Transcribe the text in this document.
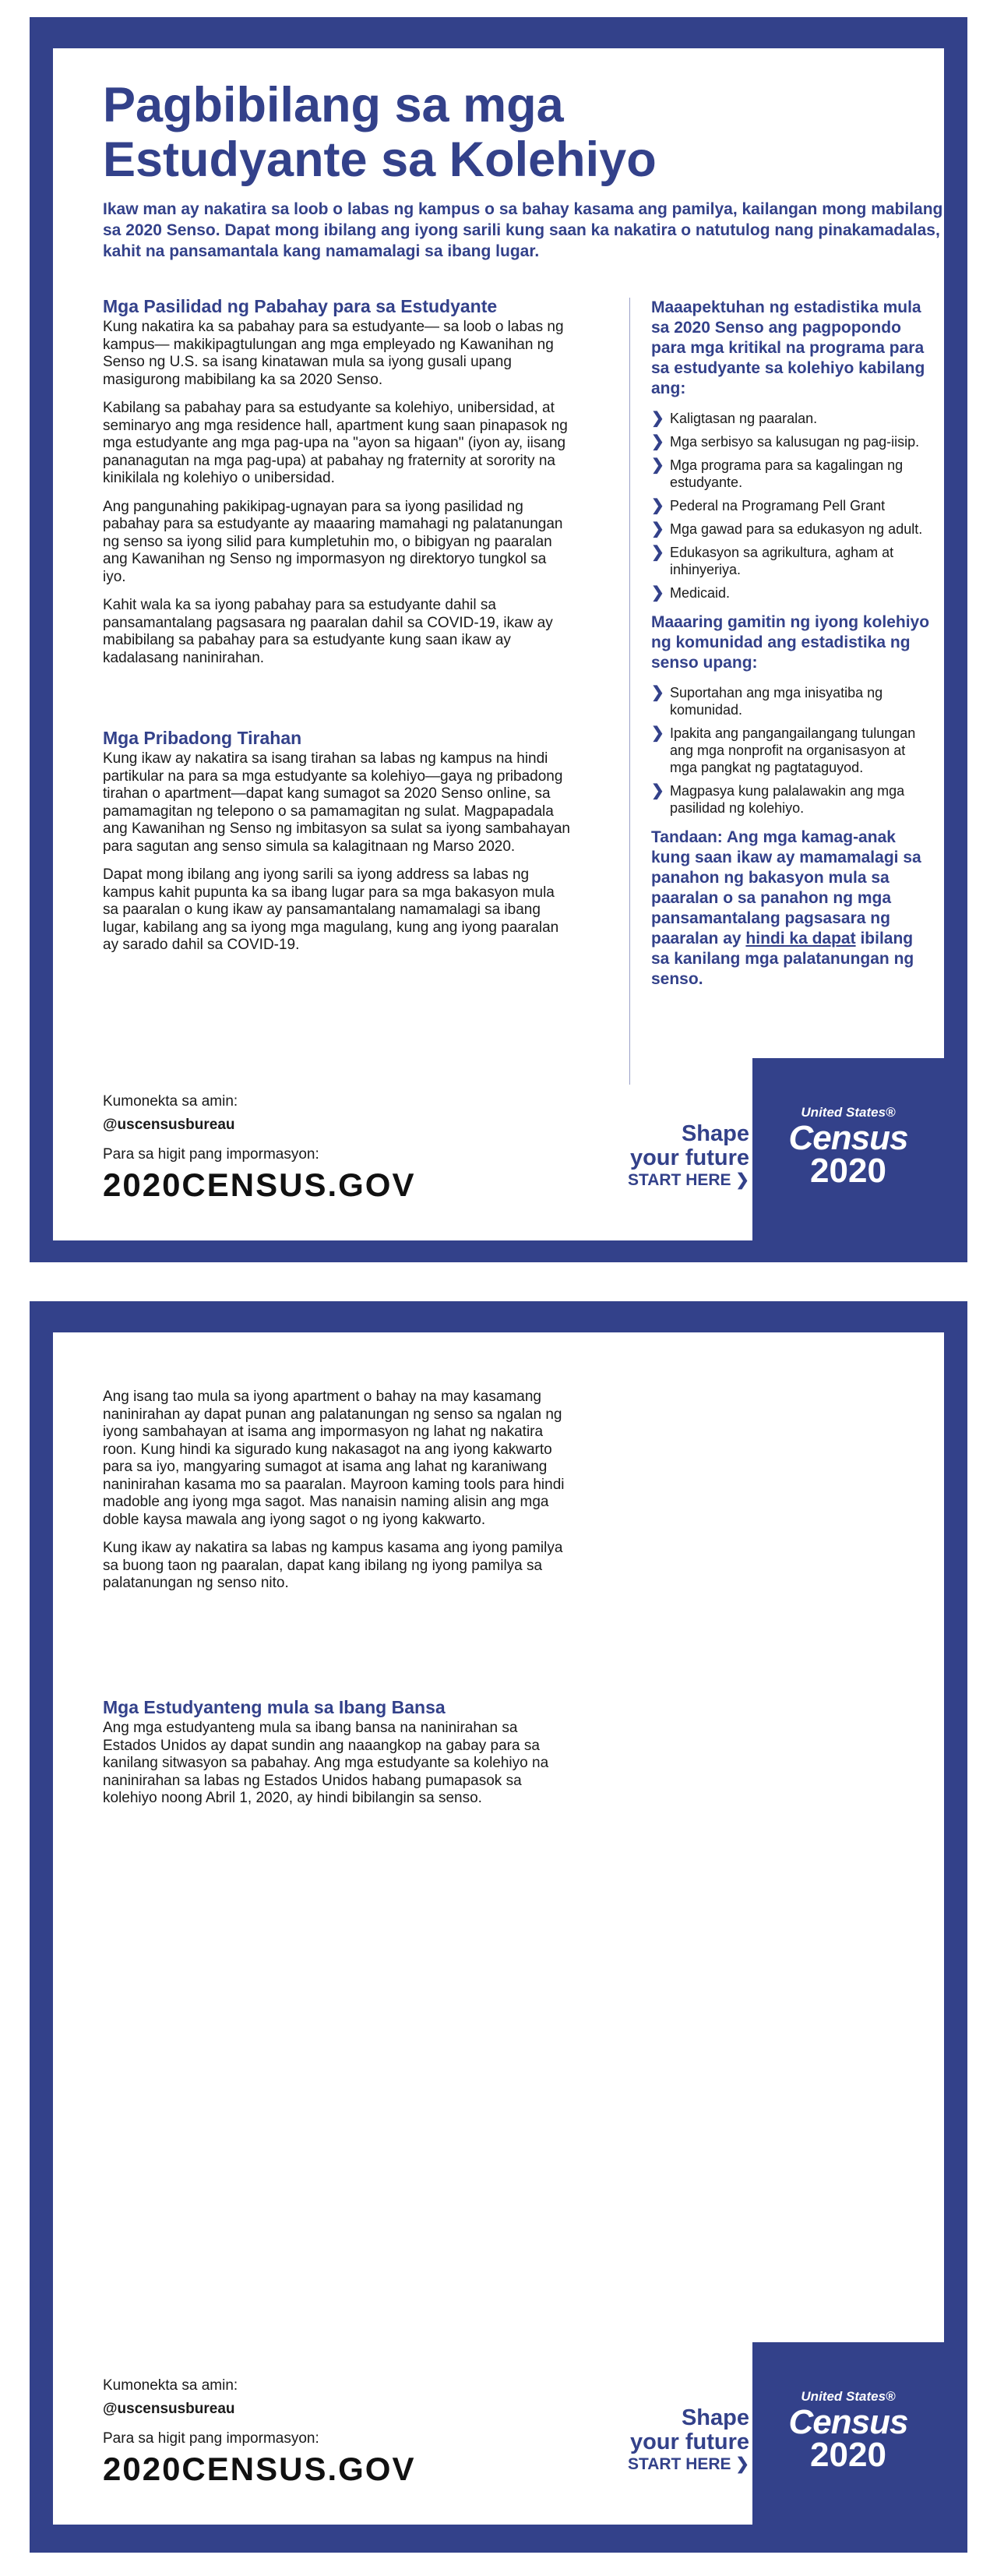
Pagbibilang sa mga
Estudyante sa Kolehiyo

Ikaw man ay nakatira sa loob o labas ng kampus o sa bahay kasama ang pamilya, kailangan mong mabilang sa 2020 Senso. Dapat mong ibilang ang iyong sarili kung saan ka nakatira o natutulog nang pinakamadalas, kahit na pansamantala kang namamalagi sa ibang lugar.

Mga Pasilidad ng Pabahay para sa Estudyante

Kung nakatira ka sa pabahay para sa estudyante— sa loob o labas ng kampus— makikipagtulungan ang mga empleyado ng Kawanihan ng Senso ng U.S. sa isang kinatawan mula sa iyong gusali upang masigurong mabibilang ka sa 2020 Senso.

Kabilang sa pabahay para sa estudyante sa kolehiyo, unibersidad, at seminaryo ang mga residence hall, apartment kung saan pinapasok ng mga estudyante ang mga pag-upa na "ayon sa higaan" (iyon ay, iisang pananagutan na mga pag-upa) at pabahay ng fraternity at sorority na kinikilala ng kolehiyo o unibersidad.

Ang pangunahing pakikipag-ugnayan para sa iyong pasilidad ng pabahay para sa estudyante ay maaaring mamahagi ng palatanungan ng senso sa iyong silid para kumpletuhin mo, o bibigyan ng paaralan ang Kawanihan ng Senso ng impormasyon ng direktoryo tungkol sa iyo.

Kahit wala ka sa iyong pabahay para sa estudyante dahil sa pansamantalang pagsasara ng paaralan dahil sa COVID-19, ikaw ay mabibilang sa pabahay para sa estudyante kung saan ikaw ay kadalasang naninirahan.

Mga Pribadong Tirahan

Kung ikaw ay nakatira sa isang tirahan sa labas ng kampus na hindi partikular na para sa mga estudyante sa kolehiyo—gaya ng pribadong tirahan o apartment—dapat kang sumagot sa 2020 Senso online, sa pamamagitan ng telepono o sa pamamagitan ng sulat. Magpapadala ang Kawanihan ng Senso ng imbitasyon sa sulat sa iyong sambahayan para sagutan ang senso simula sa kalagitnaan ng Marso 2020.

Dapat mong ibilang ang iyong sarili sa iyong address sa labas ng kampus kahit pupunta ka sa ibang lugar para sa mga bakasyon mula sa paaralan o kung ikaw ay pansamantalang namamalagi sa ibang lugar, kabilang ang sa iyong mga magulang, kung ang iyong paaralan ay sarado dahil sa COVID-19.

Maaapektuhan ng estadistika mula sa 2020 Senso ang pagpopondo para mga kritikal na programa para sa estudyante sa kolehiyo kabilang ang:
❯ Kaligtasan ng paaralan.
❯ Mga serbisyo sa kalusugan ng pag-iisip.
❯ Mga programa para sa kagalingan ng estudyante.
❯ Pederal na Programang Pell Grant
❯ Mga gawad para sa edukasyon ng adult.
❯ Edukasyon sa agrikultura, agham at inhinyeriya.
❯ Medicaid.
Maaaring gamitin ng iyong kolehiyo ng komunidad ang estadistika ng senso upang:
❯ Suportahan ang mga inisyatiba ng komunidad.
❯ Ipakita ang pangangailangang tulungan ang mga nonprofit na organisasyon at mga pangkat ng pagtataguyod.
❯ Magpasya kung palalawakin ang mga pasilidad ng kolehiyo.

Tandaan: Ang mga kamag-anak kung saan ikaw ay mamamalagi sa panahon ng bakasyon mula sa paaralan o sa panahon ng mga pansamantalang pagsasara ng paaralan ay hindi ka dapat ibilang sa kanilang mga palatanungan ng senso.

Kumonekta sa amin:

@uscensusbureau

Para sa higit pang impormasyon:

2020CENSUS.GOV

Shape
your future
START HERE ❯
United States®
Census
2020

Ang isang tao mula sa iyong apartment o bahay na may kasamang naninirahan ay dapat punan ang palatanungan ng senso sa ngalan ng iyong sambahayan at isama ang impormasyon ng lahat ng nakatira roon. Kung hindi ka sigurado kung nakasagot na ang iyong kakwarto para sa iyo, mangyaring sumagot at isama ang lahat ng karaniwang naninirahan kasama mo sa paaralan. Mayroon kaming tools para hindi madoble ang iyong mga sagot. Mas nanaisin naming alisin ang mga doble kaysa mawala ang iyong sagot o ng iyong kakwarto.

Kung ikaw ay nakatira sa labas ng kampus kasama ang iyong pamilya sa buong taon ng paaralan, dapat kang ibilang ng iyong pamilya sa palatanungan ng senso nito.

Mga Estudyanteng mula sa Ibang Bansa

Ang mga estudyanteng mula sa ibang bansa na naninirahan sa Estados Unidos ay dapat sundin ang naaangkop na gabay para sa kanilang sitwasyon sa pabahay. Ang mga estudyante sa kolehiyo na naninirahan sa labas ng Estados Unidos habang pumapasok sa kolehiyo noong Abril 1, 2020, ay hindi bibilangin sa senso.

Kumonekta sa amin:

@uscensusbureau

Para sa higit pang impormasyon:

2020CENSUS.GOV

Shape
your future
START HERE ❯
United States®
Census
2020
